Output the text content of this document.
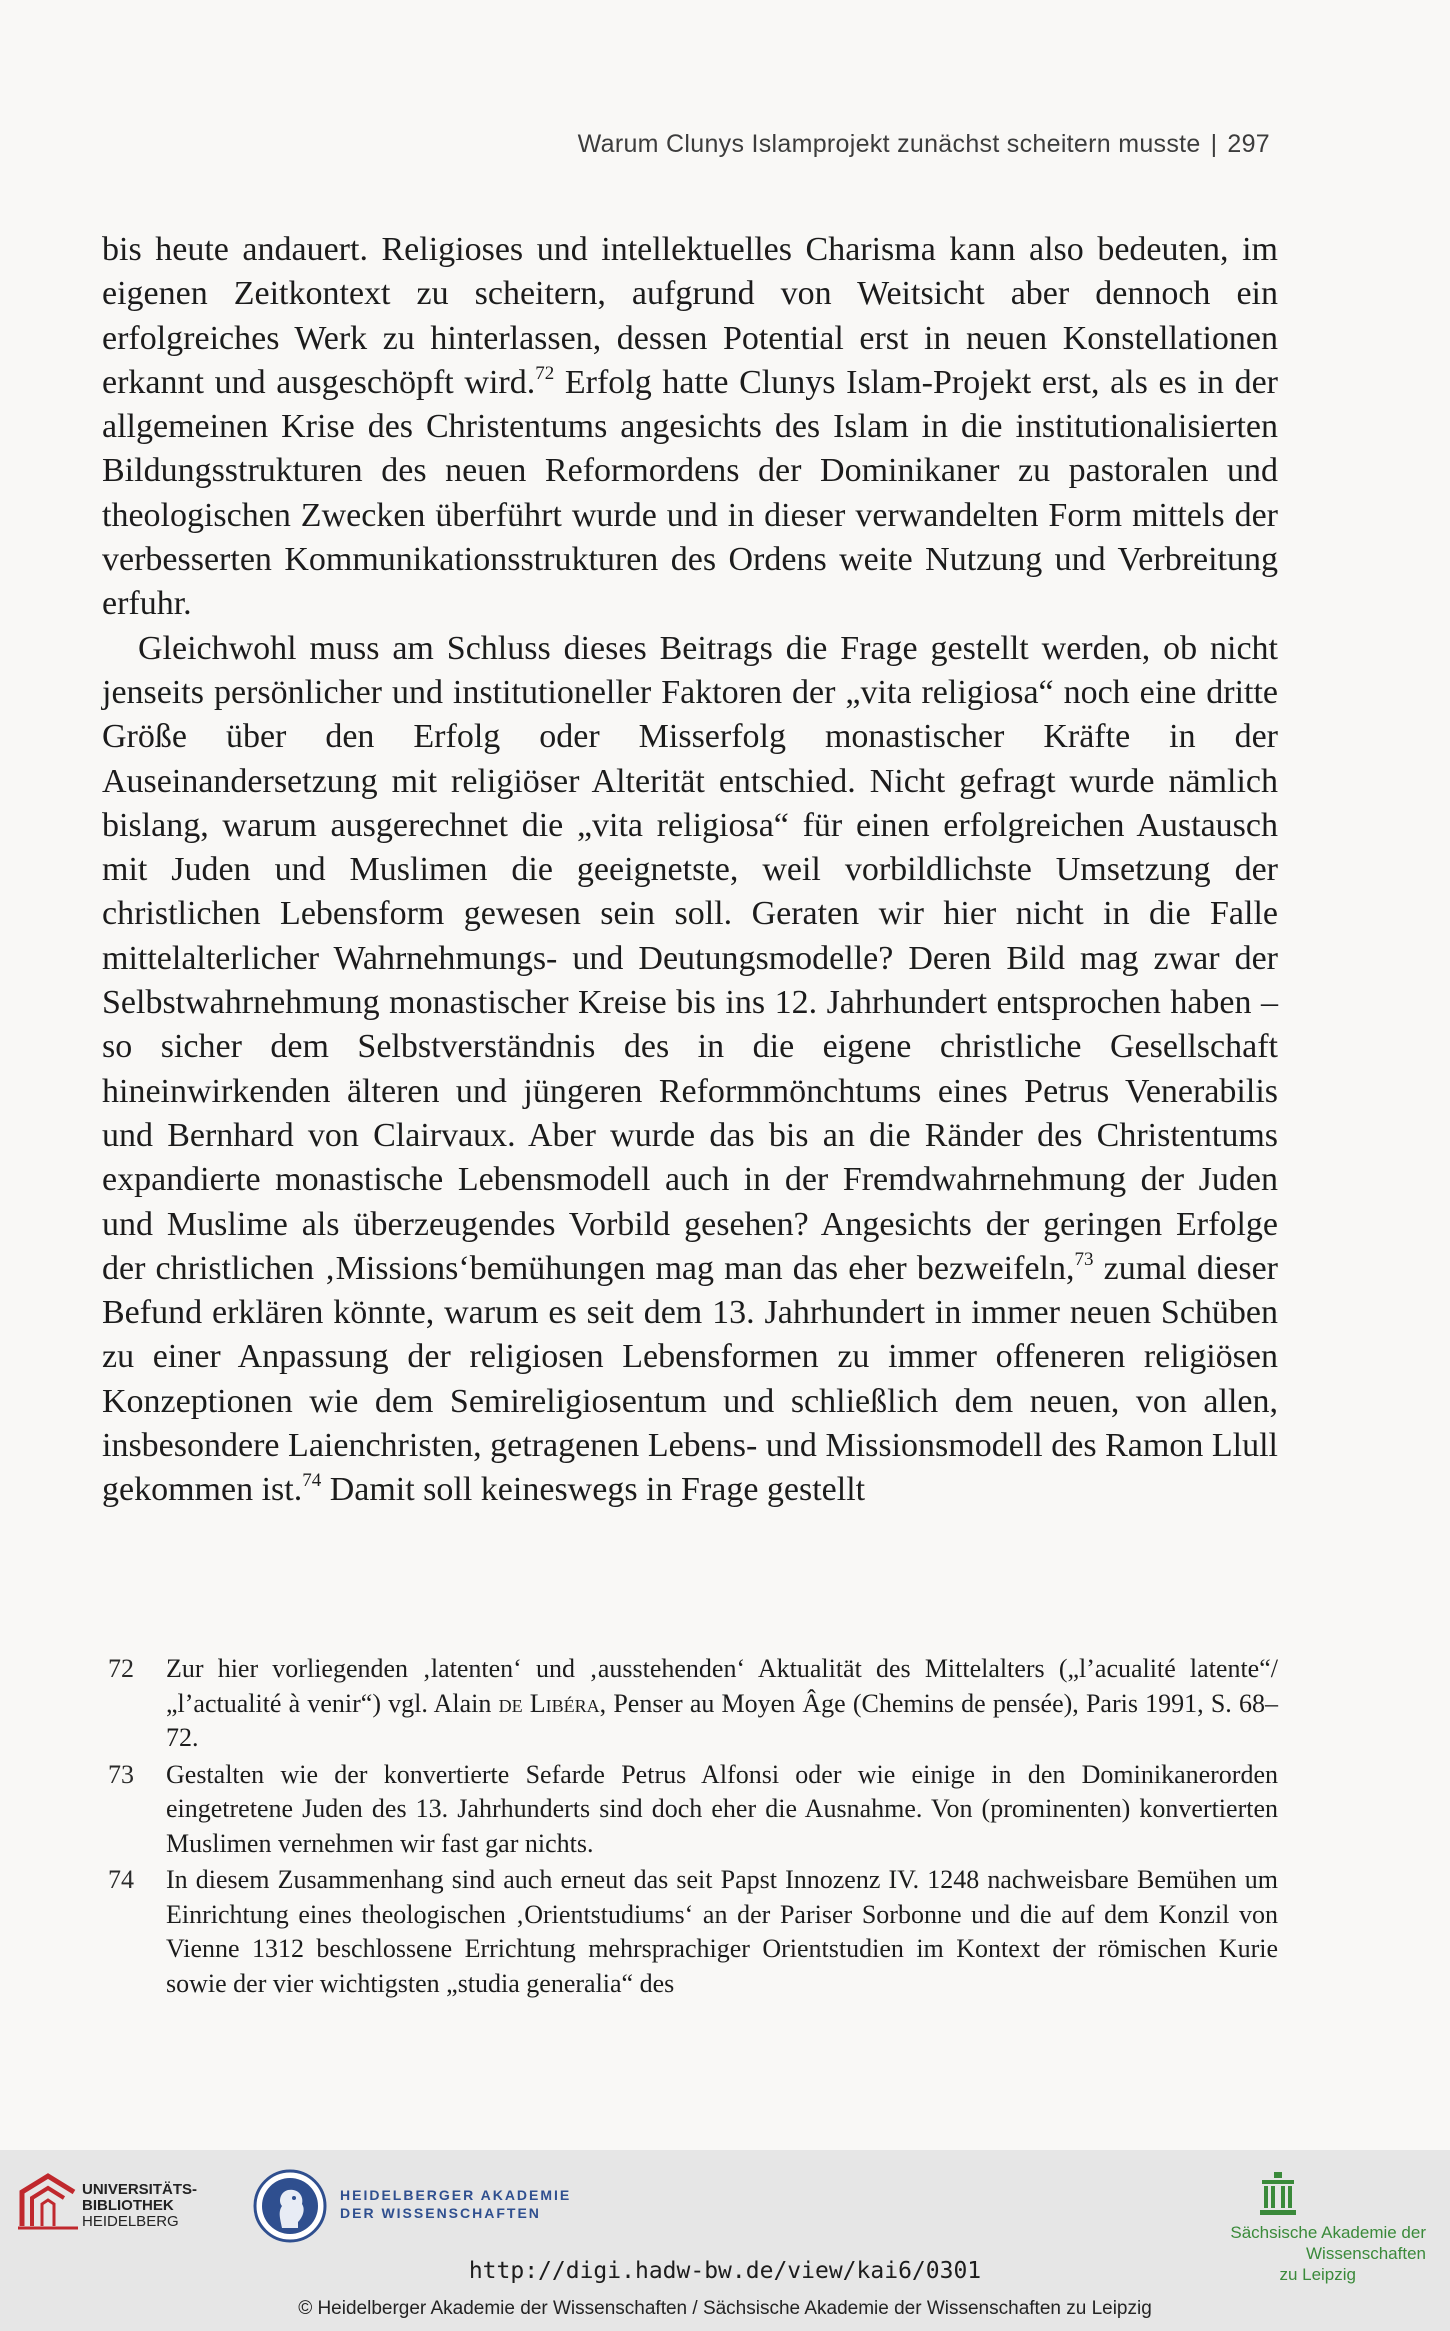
Warum Clunys Islamprojekt zunächst scheitern musste | 297

bis heute andauert. Religioses und intellektuelles Charisma kann also bedeuten, im eigenen Zeitkontext zu scheitern, aufgrund von Weitsicht aber dennoch ein erfolgreiches Werk zu hinterlassen, dessen Potential erst in neuen Konstellationen erkannt und ausgeschöpft wird.$^{72}$ Erfolg hatte Clunys Islam-Projekt erst, als es in der allgemeinen Krise des Christentums angesichts des Islam in die institutionalisierten Bildungsstrukturen des neuen Reformordens der Dominikaner zu pastoralen und theologischen Zwecken überführt wurde und in dieser verwandelten Form mittels der verbesserten Kommunikationsstrukturen des Ordens weite Nutzung und Verbreitung erfuhr.

Gleichwohl muss am Schluss dieses Beitrags die Frage gestellt werden, ob nicht jenseits persönlicher und institutioneller Faktoren der „vita religiosa“ noch eine dritte Größe über den Erfolg oder Misserfolg monastischer Kräfte in der Auseinandersetzung mit religiöser Alterität entschied. Nicht gefragt wurde nämlich bislang, warum ausgerechnet die „vita religiosa“ für einen erfolgreichen Austausch mit Juden und Muslimen die geeignetste, weil vorbildlichste Umsetzung der christlichen Lebensform gewesen sein soll. Geraten wir hier nicht in die Falle mittelalterlicher Wahrnehmungs- und Deutungsmodelle? Deren Bild mag zwar der Selbstwahrnehmung monastischer Kreise bis ins 12. Jahrhundert entsprochen haben – so sicher dem Selbstverständnis des in die eigene christliche Gesellschaft hineinwirkenden älteren und jüngeren Reformmönchtums eines Petrus Venerabilis und Bernhard von Clairvaux. Aber wurde das bis an die Ränder des Christentums expandierte monastische Lebensmodell auch in der Fremdwahrnehmung der Juden und Muslime als überzeugendes Vorbild gesehen? Angesichts der geringen Erfolge der christlichen ‚Missions‘bemühungen mag man das eher bezweifeln,$^{73}$ zumal dieser Befund erklären könnte, warum es seit dem 13. Jahrhundert in immer neuen Schüben zu einer Anpassung der religiosen Lebensformen zu immer offeneren religiösen Konzeptionen wie dem Semireligiosentum und schließlich dem neuen, von allen, insbesondere Laienchristen, getragenen Lebens- und Missionsmodell des Ramon Llull gekommen ist.$^{74}$ Damit soll keineswegs in Frage gestellt

72	Zur hier vorliegenden ‚latenten‘ und ‚ausstehenden‘ Aktualität des Mittelalters („l’acualité latente“/„l’actualité à venir“) vgl. Alain de Libéra, Penser au Moyen Âge (Chemins de pensée), Paris 1991, S. 68–72.
73	Gestalten wie der konvertierte Sefarde Petrus Alfonsi oder wie einige in den Dominikanerorden eingetretene Juden des 13. Jahrhunderts sind doch eher die Ausnahme. Von (prominenten) konvertierten Muslimen vernehmen wir fast gar nichts.
74	In diesem Zusammenhang sind auch erneut das seit Papst Innozenz IV. 1248 nachweisbare Bemühen um Einrichtung eines theologischen ‚Orientstudiums‘ an der Pariser Sorbonne und die auf dem Konzil von Vienne 1312 beschlossene Errichtung mehrsprachiger Orientstudien im Kontext der römischen Kurie sowie der vier wichtigsten „studia generalia“ des
UNIVERSITÄTS-
BIBLIOTHEK
HEIDELBERG
HEIDELBERGER AKADEMIE
DER WISSENSCHAFTEN
Sächsische Akademie der Wissenschaften
zu Leipzig
http://digi.hadw-bw.de/view/kai6/0301
© Heidelberger Akademie der Wissenschaften / Sächsische Akademie der Wissenschaften zu Leipzig
